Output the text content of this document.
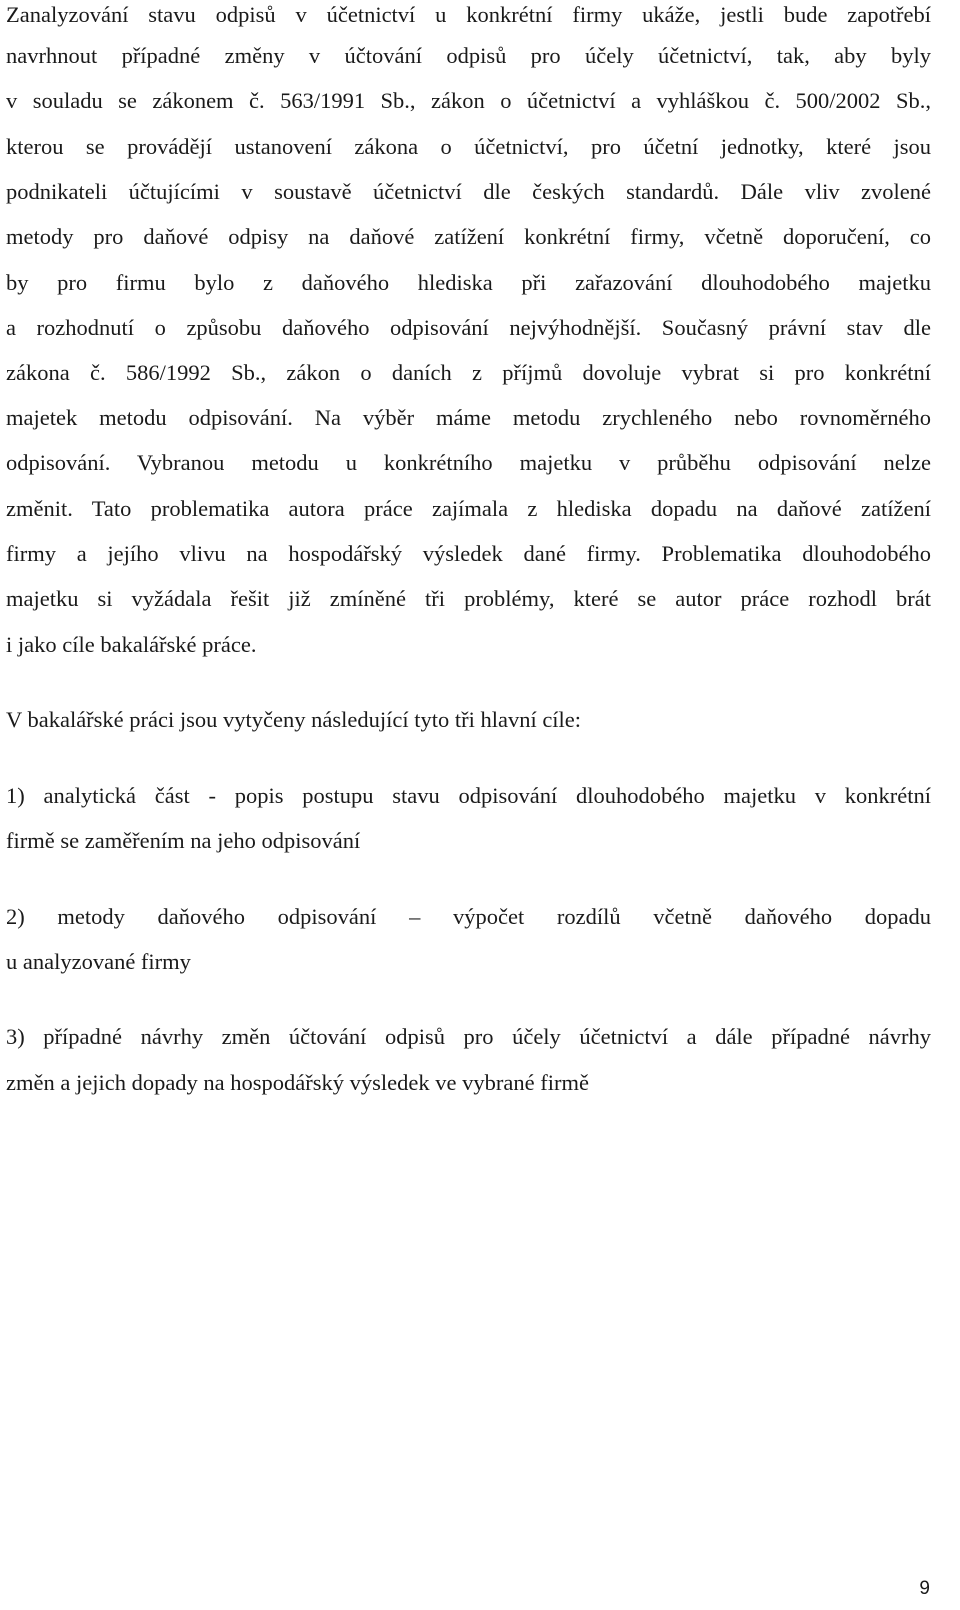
Zanalyzování stavu odpisů v účetnictví u konkrétní firmy ukáže, jestli bude zapotřebí
navrhnout případné změny v účtování odpisů pro účely účetnictví, tak, aby byly
v souladu se zákonem č. 563/1991 Sb., zákon o účetnictví a vyhláškou č. 500/2002 Sb.,
kterou se provádějí ustanovení zákona o účetnictví, pro účetní jednotky, které jsou
podnikateli účtujícími v soustavě účetnictví dle českých standardů. Dále vliv zvolené
metody pro daňové odpisy na daňové zatížení konkrétní firmy, včetně doporučení, co
by pro firmu bylo z daňového hlediska při zařazování dlouhodobého majetku
a rozhodnutí o způsobu daňového odpisování nejvýhodnější. Současný právní stav dle
zákona č. 586/1992 Sb., zákon o daních z příjmů dovoluje vybrat si pro konkrétní
majetek metodu odpisování. Na výběr máme metodu zrychleného nebo rovnoměrného
odpisování. Vybranou metodu u konkrétního majetku v průběhu odpisování nelze
změnit. Tato problematika autora práce zajímala z hlediska dopadu na daňové zatížení
firmy a jejího vlivu na hospodářský výsledek dané firmy. Problematika dlouhodobého
majetku si vyžádala řešit již zmíněné tři problémy, které se autor práce rozhodl brát
i jako cíle bakalářské práce.
V bakalářské práci jsou vytyčeny následující tyto tři hlavní cíle:
1) analytická část - popis postupu stavu odpisování dlouhodobého majetku v konkrétní
firmě se zaměřením na jeho odpisování
2) metody daňového odpisování – výpočet rozdílů včetně daňového dopadu
u analyzované firmy
3) případné návrhy změn účtování odpisů pro účely účetnictví a dále případné návrhy
změn a jejich dopady na hospodářský výsledek ve vybrané firmě
9
